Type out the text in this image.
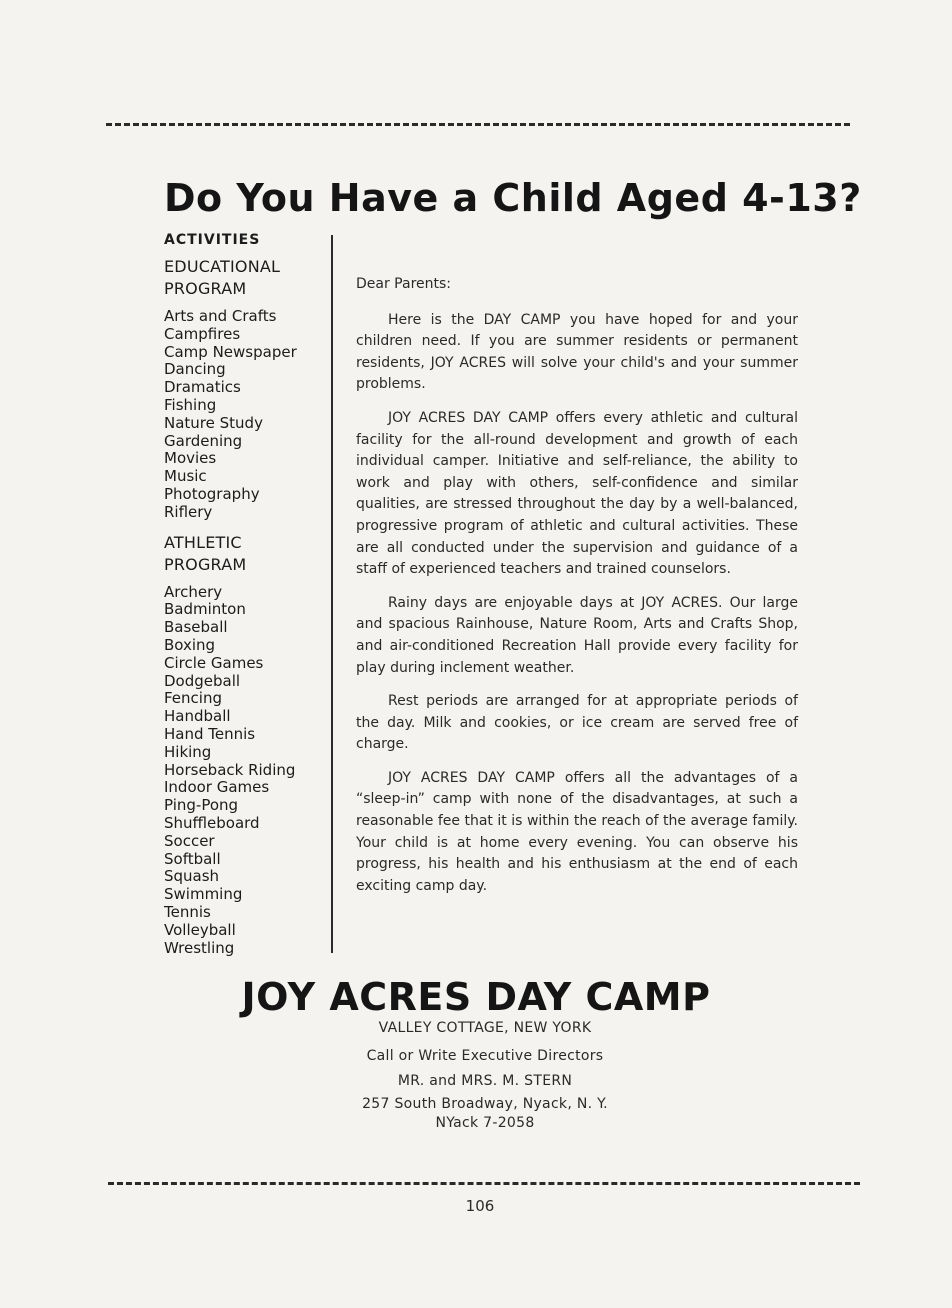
Do You Have a Child Aged 4-13?
ACTIVITIES
EDUCATIONAL
PROGRAM
Arts and Crafts
Campfires
Camp Newspaper
Dancing
Dramatics
Fishing
Nature Study
Gardening
Movies
Music
Photography
Riflery
ATHLETIC
PROGRAM
Archery
Badminton
Baseball
Boxing
Circle Games
Dodgeball
Fencing
Handball
Hand Tennis
Hiking
Horseback Riding
Indoor Games
Ping-Pong
Shuffleboard
Soccer
Softball
Squash
Swimming
Tennis
Volleyball
Wrestling

Dear Parents:

Here is the DAY CAMP you have hoped for and your children need. If you are summer residents or permanent residents, JOY ACRES will solve your child's and your summer problems.

JOY ACRES DAY CAMP offers every athletic and cultural facility for the all-round development and growth of each individual camper. Initiative and self-reliance, the ability to work and play with others, self-confidence and similar qualities, are stressed throughout the day by a well-balanced, progressive program of athletic and cultural activities. These are all conducted under the supervision and guidance of a staff of experienced teachers and trained counselors.

Rainy days are enjoyable days at JOY ACRES. Our large and spacious Rainhouse, Nature Room, Arts and Crafts Shop, and air-conditioned Recreation Hall provide every facility for play during inclement weather.

Rest periods are arranged for at appropriate periods of the day. Milk and cookies, or ice cream are served free of charge.

JOY ACRES DAY CAMP offers all the advantages of a “sleep-in” camp with none of the disadvantages, at such a reasonable fee that it is within the reach of the average family. Your child is at home every evening. You can observe his progress, his health and his enthusiasm at the end of each exciting camp day.

JOY ACRES DAY CAMP
VALLEY COTTAGE, NEW YORK
Call or Write Executive Directors
MR. and MRS. M. STERN
257 South Broadway, Nyack, N. Y.
NYack 7-2058
106
